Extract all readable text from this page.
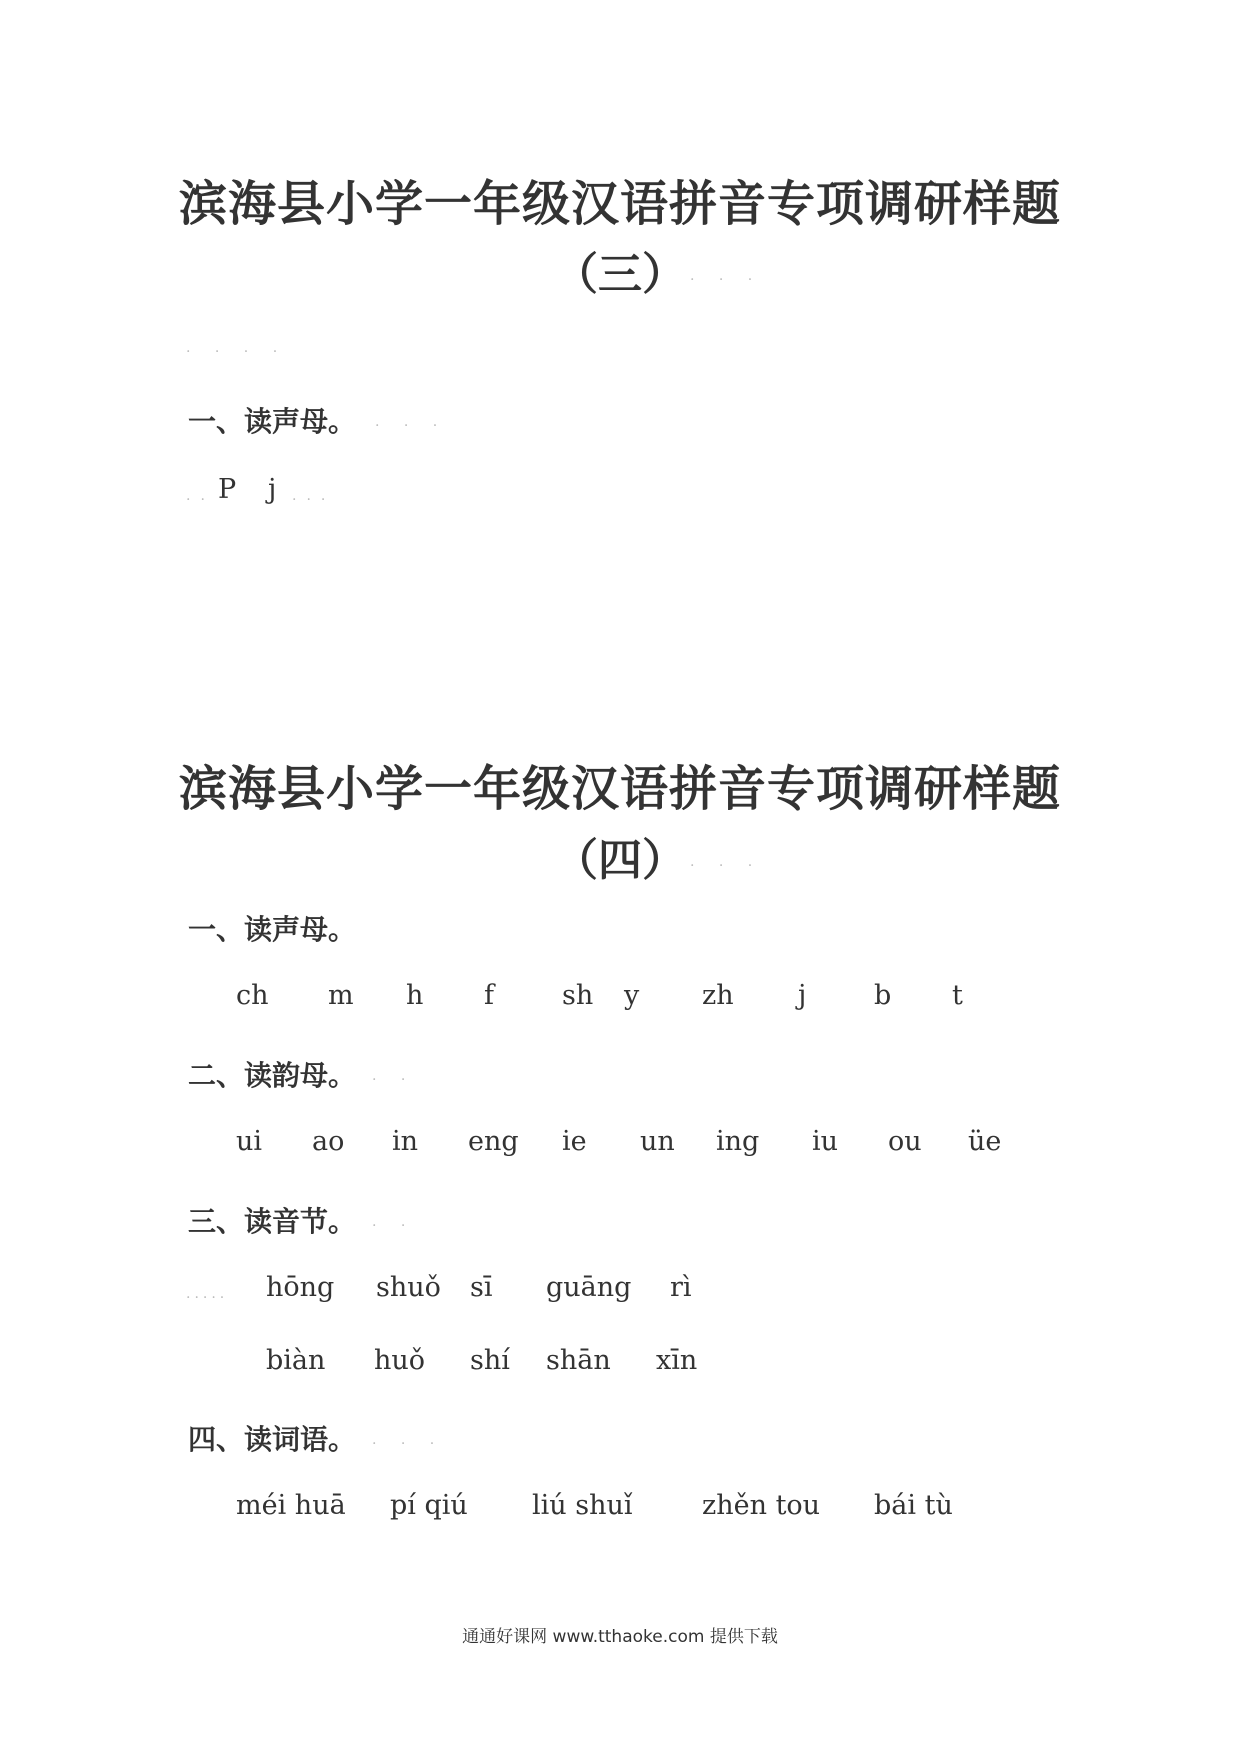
滨海县小学一年级汉语拼音专项调研样题
（三） . . .
. . . .
一、读声母。 . . .
.. P j ...
滨海县小学一年级汉语拼音专项调研样题
（四） . . .
一、读声母。
ch m h f	sh y zh j	b t
二、读韵母。 . .
ui ao in eng ie un ing iu ou üe
三、读音节。 . .
..... hōng shuǒ sī guāng rì
biàn huǒ shí shān xīn
四、读词语。 . . .
méi huā pí qiú liú shuǐ	zhěn tou bái tù
通通好课网 www.tthaoke.com 提供下载
